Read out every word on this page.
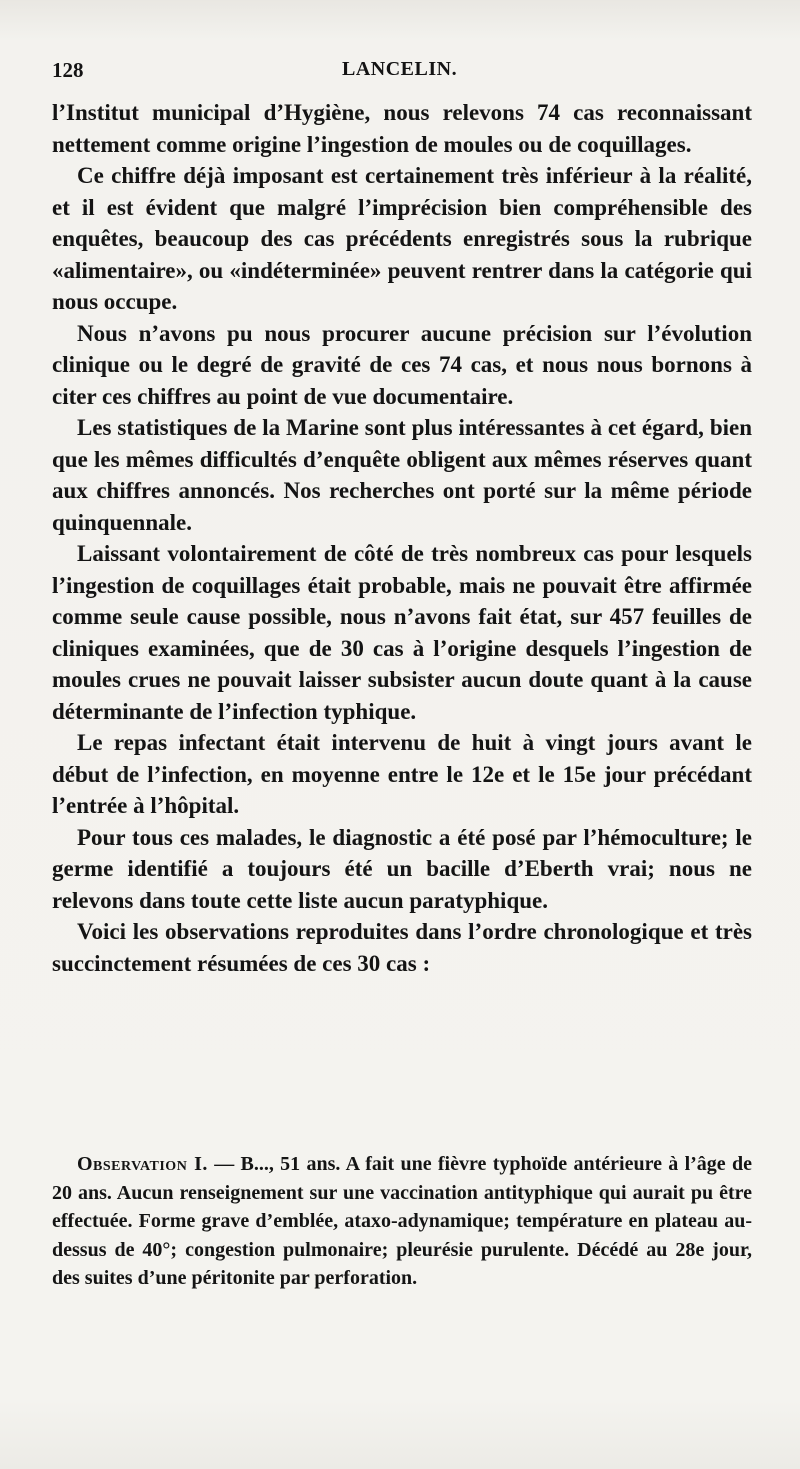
128	LANCELIN.

l’Institut municipal d’Hygiène, nous relevons 74 cas reconnaissant nettement comme origine l’ingestion de moules ou de coquillages.

Ce chiffre déjà imposant est certainement très inférieur à la réalité, et il est évident que malgré l’imprécision bien compréhensible des enquêtes, beaucoup des cas précédents enregistrés sous la rubrique «alimentaire», ou «indéterminée» peuvent rentrer dans la catégorie qui nous occupe.

Nous n’avons pu nous procurer aucune précision sur l’évolution clinique ou le degré de gravité de ces 74 cas, et nous nous bornons à citer ces chiffres au point de vue documentaire.

Les statistiques de la Marine sont plus intéressantes à cet égard, bien que les mêmes difficultés d’enquête obligent aux mêmes réserves quant aux chiffres annoncés. Nos recherches ont porté sur la même période quinquennale.

Laissant volontairement de côté de très nombreux cas pour lesquels l’ingestion de coquillages était probable, mais ne pouvait être affirmée comme seule cause possible, nous n’avons fait état, sur 457 feuilles de cliniques examinées, que de 30 cas à l’origine desquels l’ingestion de moules crues ne pouvait laisser subsister aucun doute quant à la cause déterminante de l’infection typhique.

Le repas infectant était intervenu de huit à vingt jours avant le début de l’infection, en moyenne entre le 12e et le 15e jour précédant l’entrée à l’hôpital.

Pour tous ces malades, le diagnostic a été posé par l’hémoculture; le germe identifié a toujours été un bacille d’Eberth vrai; nous ne relevons dans toute cette liste aucun paratyphique.

Voici les observations reproduites dans l’ordre chronologique et très succinctement résumées de ces 30 cas :

Observation I. — B..., 51 ans. A fait une fièvre typhoïde antérieure à l’âge de 20 ans. Aucun renseignement sur une vaccination antityphique qui aurait pu être effectuée. Forme grave d’emblée, ataxo-adynamique; température en plateau au-dessus de 40°; congestion pulmonaire; pleurésie purulente. Décédé au 28e jour, des suites d’une péritonite par perforation.
